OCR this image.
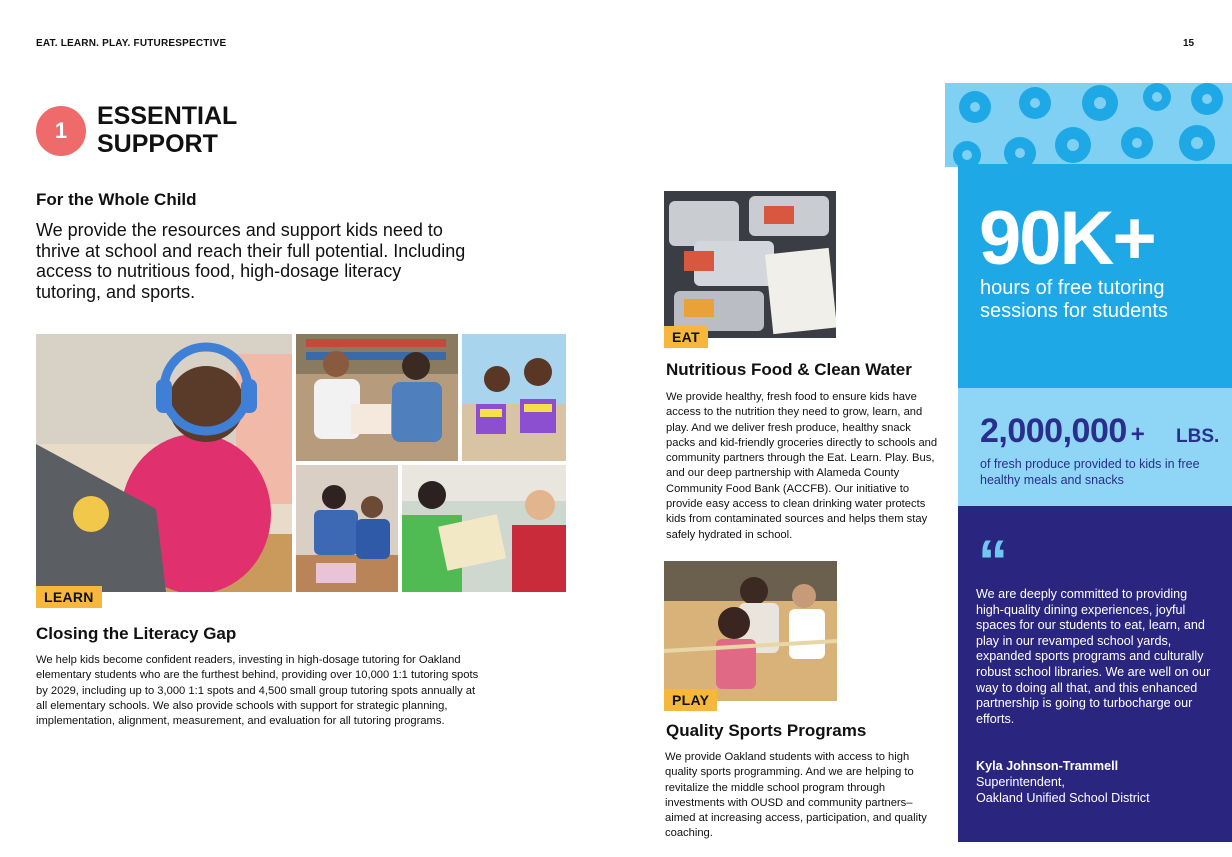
EAT. LEARN. PLAY. FUTURESPECTIVE	15
1
ESSENTIAL
SUPPORT
For the Whole Child
We provide the resources and support kids need to thrive at school and reach their full potential. Including access to nutritious food, high-dosage literacy tutoring, and sports.
LEARN
Closing the Literacy Gap
We help kids become confident readers, investing in high-dosage tutoring for Oakland elementary students who are the furthest behind, providing over 10,000 1:1 tutoring spots by 2029, including up to 3,000 1:1 spots and 4,500 small group tutoring spots annually at all elementary schools. We also provide schools with support for strategic planning, implementation, alignment, measurement, and evaluation for all tutoring programs.
EAT
Nutritious Food & Clean Water
We provide healthy, fresh food to ensure kids have access to the nutrition they need to grow, learn, and play. And we deliver fresh produce, healthy snack packs and kid-friendly groceries directly to schools and community partners through the Eat. Learn. Play. Bus, and our deep partnership with Alameda County Community Food Bank (ACCFB). Our initiative to provide easy access to clean drinking water protects kids from contaminated sources and helps them stay safely hydrated in school.
PLAY
Quality Sports Programs
We provide Oakland students with access to high quality sports programming. And we are helping to revitalize the middle school program through investments with OUSD and community partners–aimed at increasing access, participation, and quality coaching.
90K+
hours of free tutoring sessions for students
2,000,000 + LBS.
of fresh produce provided to kids in free healthy meals and snacks
“
We are deeply committed to providing high-quality dining experiences, joyful spaces for our students to eat, learn, and play in our revamped school yards, expanded sports programs and culturally robust school libraries. We are well on our way to doing all that, and this enhanced partnership is going to turbocharge our efforts.
Kyla Johnson-Trammell
Superintendent,
Oakland Unified School District
